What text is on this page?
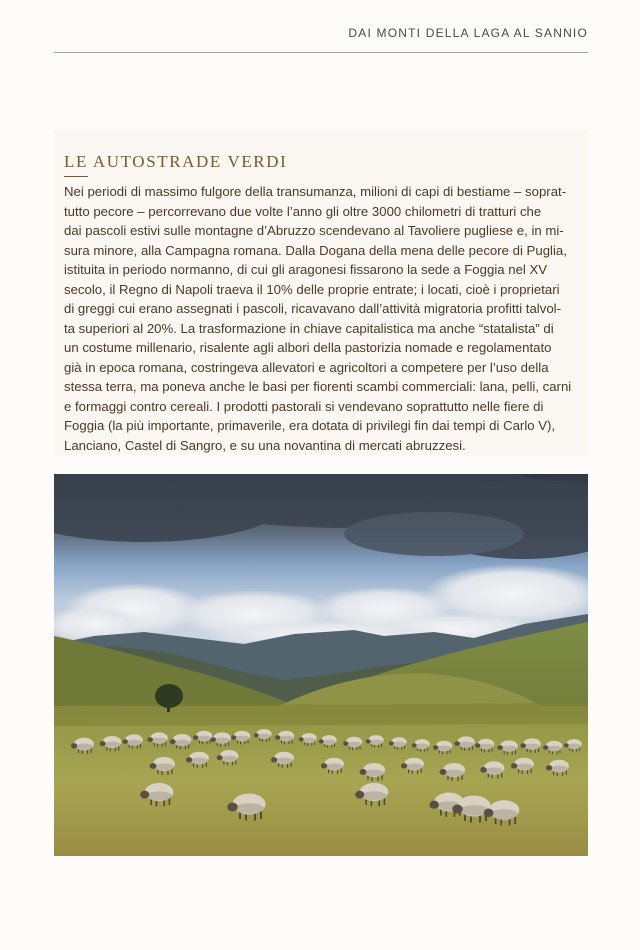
DAI MONTI DELLA LAGA AL SANNIO
LE AUTOSTRADE VERDI

Nei periodi di massimo fulgore della transumanza, milioni di capi di bestiame – soprat-
tutto pecore – percorrevano due volte l’anno gli oltre 3000 chilometri di tratturi che
dai pascoli estivi sulle montagne d’Abruzzo scendevano al Tavoliere pugliese e, in mi-
sura minore, alla Campagna romana. Dalla Dogana della mena delle pecore di Puglia,
istituita in periodo normanno, di cui gli aragonesi fissarono la sede a Foggia nel XV
secolo, il Regno di Napoli traeva il 10% delle proprie entrate; i locati, cioè i proprietari
di greggi cui erano assegnati i pascoli, ricavavano dall’attività migratoria profitti talvol-
ta superiori al 20%. La trasformazione in chiave capitalistica ma anche “statalista” di
un costume millenario, risalente agli albori della pastorizia nomade e regolamentato
già in epoca romana, costringeva allevatori e agricoltori a competere per l’uso della
stessa terra, ma poneva anche le basi per fiorenti scambi commerciali: lana, pelli, carni
e formaggi contro cereali. I prodotti pastorali si vendevano soprattutto nelle fiere di
Foggia (la più importante, primaverile, era dotata di privilegi fin dai tempi di Carlo V),
Lanciano, Castel di Sangro, e su una novantina di mercati abruzzesi.
